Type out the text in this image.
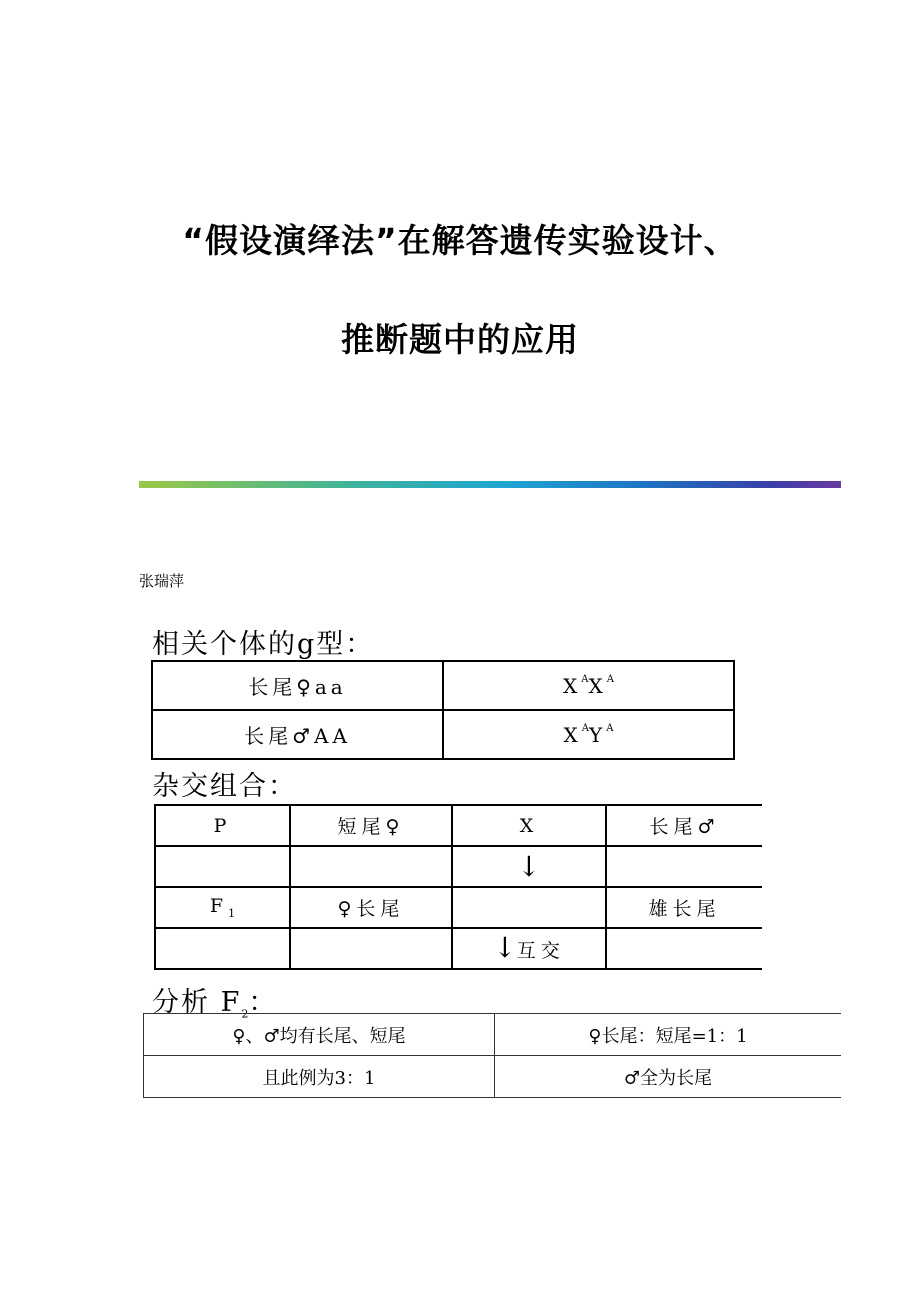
“假设演绎法”在解答遗传实验设计、
推断题中的应用
张瑞萍
相关个体的g型：
长尾♀aa	$X^AX^A$
长尾♂AA	$X^AY^A$
杂交组合：
P	短尾♀	X	长尾♂
		↓	
$F_1$	♀长尾		雄长尾
		↓互交	
分析 $F_2$：
♀、♂均有长尾、短尾	♀长尾：短尾=1：1
且此例为3：1	♂全为长尾
